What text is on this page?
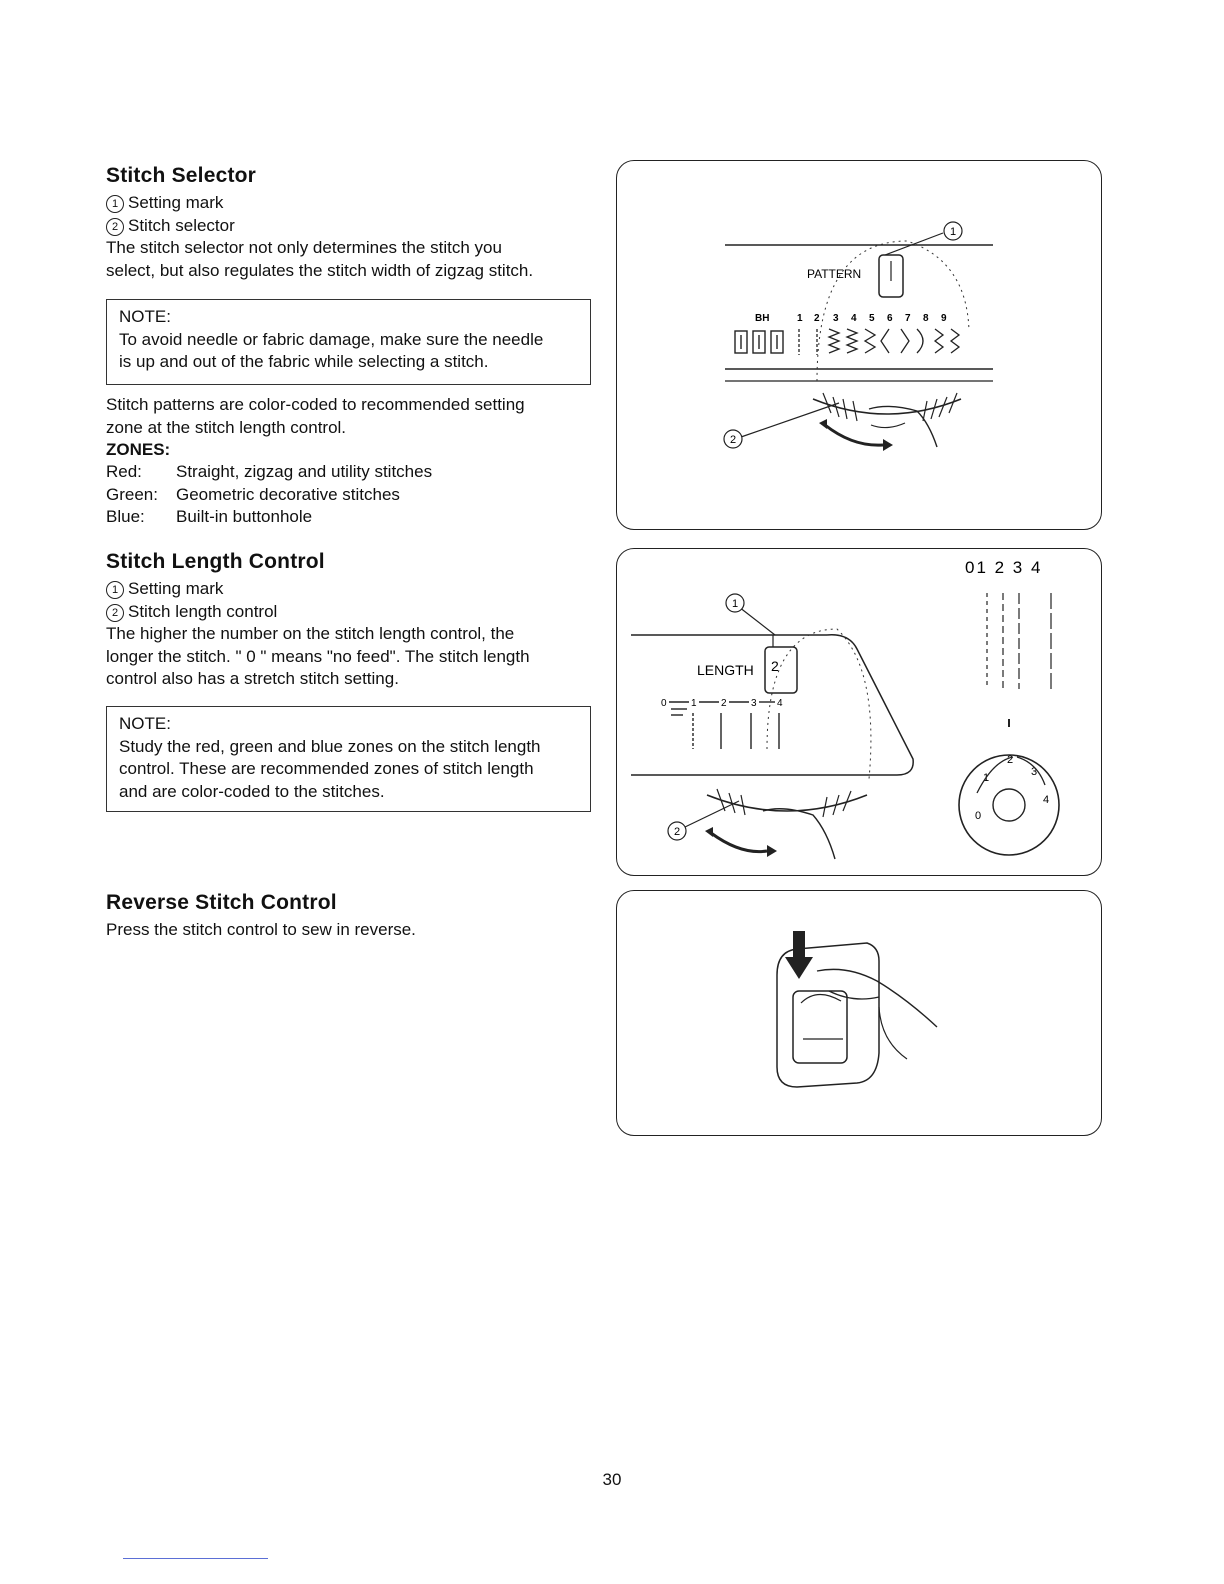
Stitch Selector
1 Setting mark
2 Stitch selector
The stitch selector not only determines the stitch you
select, but also regulates the stitch width of zigzag stitch.
NOTE:
To avoid needle or fabric damage, make sure the needle
is up and out of the fabric while selecting a stitch.
Stitch patterns are color-coded to recommended setting
zone at the stitch length control.
ZONES:
Red: Straight, zigzag and utility stitches
Green: Geometric decorative stitches
Blue: Built-in buttonhole
PATTERN
1
BH	1 2 3 4 5 6 7 8 9
2
Stitch Length Control
1 Setting mark
2 Stitch length control
The higher the number on the stitch length control, the
longer the stitch. " 0 " means "no feed". The stitch length
control also has a stretch stitch setting.
NOTE:
Study the red, green and blue zones on the stitch length
control. These are recommended zones of stitch length
and are color-coded to the stitches.
LENGTH 2
1
0 1 2 3 4
2
01 2 3 4
0
1
2
3
4
Reverse Stitch Control
Press the stitch control to sew in reverse.
30
